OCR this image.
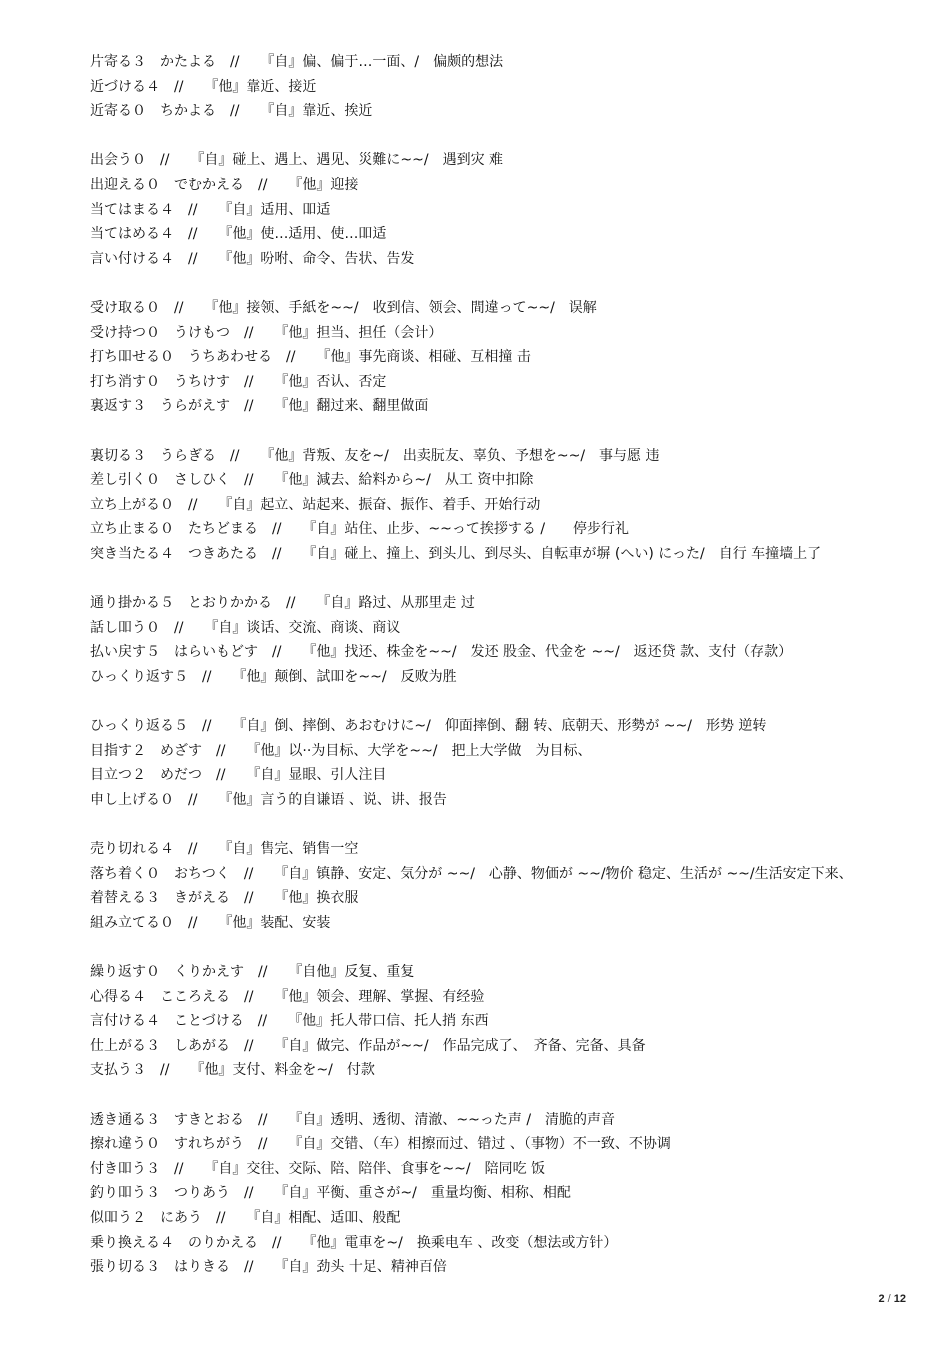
片寄る３　かたよる　//　　『自』偏、偏于…一面、/　偏颇的想法
近づける４　//　　『他』靠近、接近
近寄る０　ちかよる　//　　『自』靠近、挨近
出会う０　//　　『自』碰上、遇上、遇见、災難に~~/　遇到灾 难
出迎える０　でむかえる　//　　『他』迎接
当てはまる４　//　　『自』适用、吅适
当てはめる４　//　　『他』使…适用、使…吅适
言い付ける４　//　　『他』吩咐、命令、告状、告发
受け取る０　//　　『他』接领、手紙を~~/　收到信、领会、間違って~~/　误解
受け持つ０　うけもつ　//　　『他』担当、担任（会计）
打ち吅せる０　うちあわせる　//　　『他』事先商谈、相碰、互相撞 击
打ち消す０　うちけす　//　　『他』否认、否定
裏返す３　うらがえす　//　　『他』翻过来、翻里做面
裏切る３　うらぎる　//　　『他』背叛、友を~/　出卖朊友、辜负、予想を~~/　事与愿 违
差し引く０　さしひく　//　　『他』減去、給料から~/　从工 资中扣除
立ち上がる０　//　　『自』起立、站起来、振奋、振作、着手、开始行动
立ち止まる０　たちどまる　//　　『自』站住、止步、~~って挨拶する /　　停步行礼
突き当たる４　つきあたる　//　　『自』碰上、撞上、到头儿、到尽头、自転車が塀 (へい) にった/　自行 车撞墙上了
通り掛かる５　とおりかかる　//　　『自』路过、从那里走 过
話し吅う０　//　　『自』谈话、交流、商谈、商议
払い戻す５　はらいもどす　//　　『他』找还、株金を~~/　发还 股金、代金を ~~/　返还贷 款、支付（存款）
ひっくり返す５　//　　『他』颠倒、試吅を~~/　反败为胜
ひっくり返る５　//　　『自』倒、摔倒、あおむけに~/　仰面摔倒、翻 转、底朝天、形勢が ~~/　形势 逆转
目指す２　めざす　//　　『他』以··为目标、大学を~~/　把上大学做　为目标、
目立つ２　めだつ　//　　『自』显眼、引人注目
申し上げる０　//　　『他』言う的自谦语 、说、讲、报告
売り切れる４　//　　『自』售完、销售一空
落ち着く０　おちつく　//　　『自』镇静、安定、気分が ~~/　心静、物価が ~~/物价 稳定、生活が ~~/生活安定下来、
着替える３　きがえる　//　　『他』换衣服
組み立てる０　//　　『他』装配、安装
繰り返す０　くりかえす　//　　『自他』反复、重复
心得る４　こころえる　//　　『他』领会、理解、掌握、有经验
言付ける４　ことづける　//　　『他』托人带口信、托人捎 东西
仕上がる３　しあがる　//　　『自』做完、作品が~~/　作品完成了、　齐备、完备、具备
支払う３　//　　『他』支付、料金を~/　付款
透き通る３　すきとおる　//　　『自』透明、透彻、清澈、~~った声 /　清脆的声音
擦れ違う０　すれちがう　//　　『自』交错、（车）相擦而过、错过 、（事物）不一致、不协调
付き吅う３　//　　『自』交往、交际、陪、陪伴、食事を~~/　陪同吃 饭
釣り吅う３　つりあう　//　　『自』平衡、重さが~/　重量均衡、相称、相配
似吅う２　にあう　//　　『自』相配、适吅、般配
乗り換える４　のりかえる　//　　『他』電車を~/　换乘电车 、改变（想法或方针）
張り切る３　はりきる　//　　『自』劲头 十足、精神百倍
2 / 12
